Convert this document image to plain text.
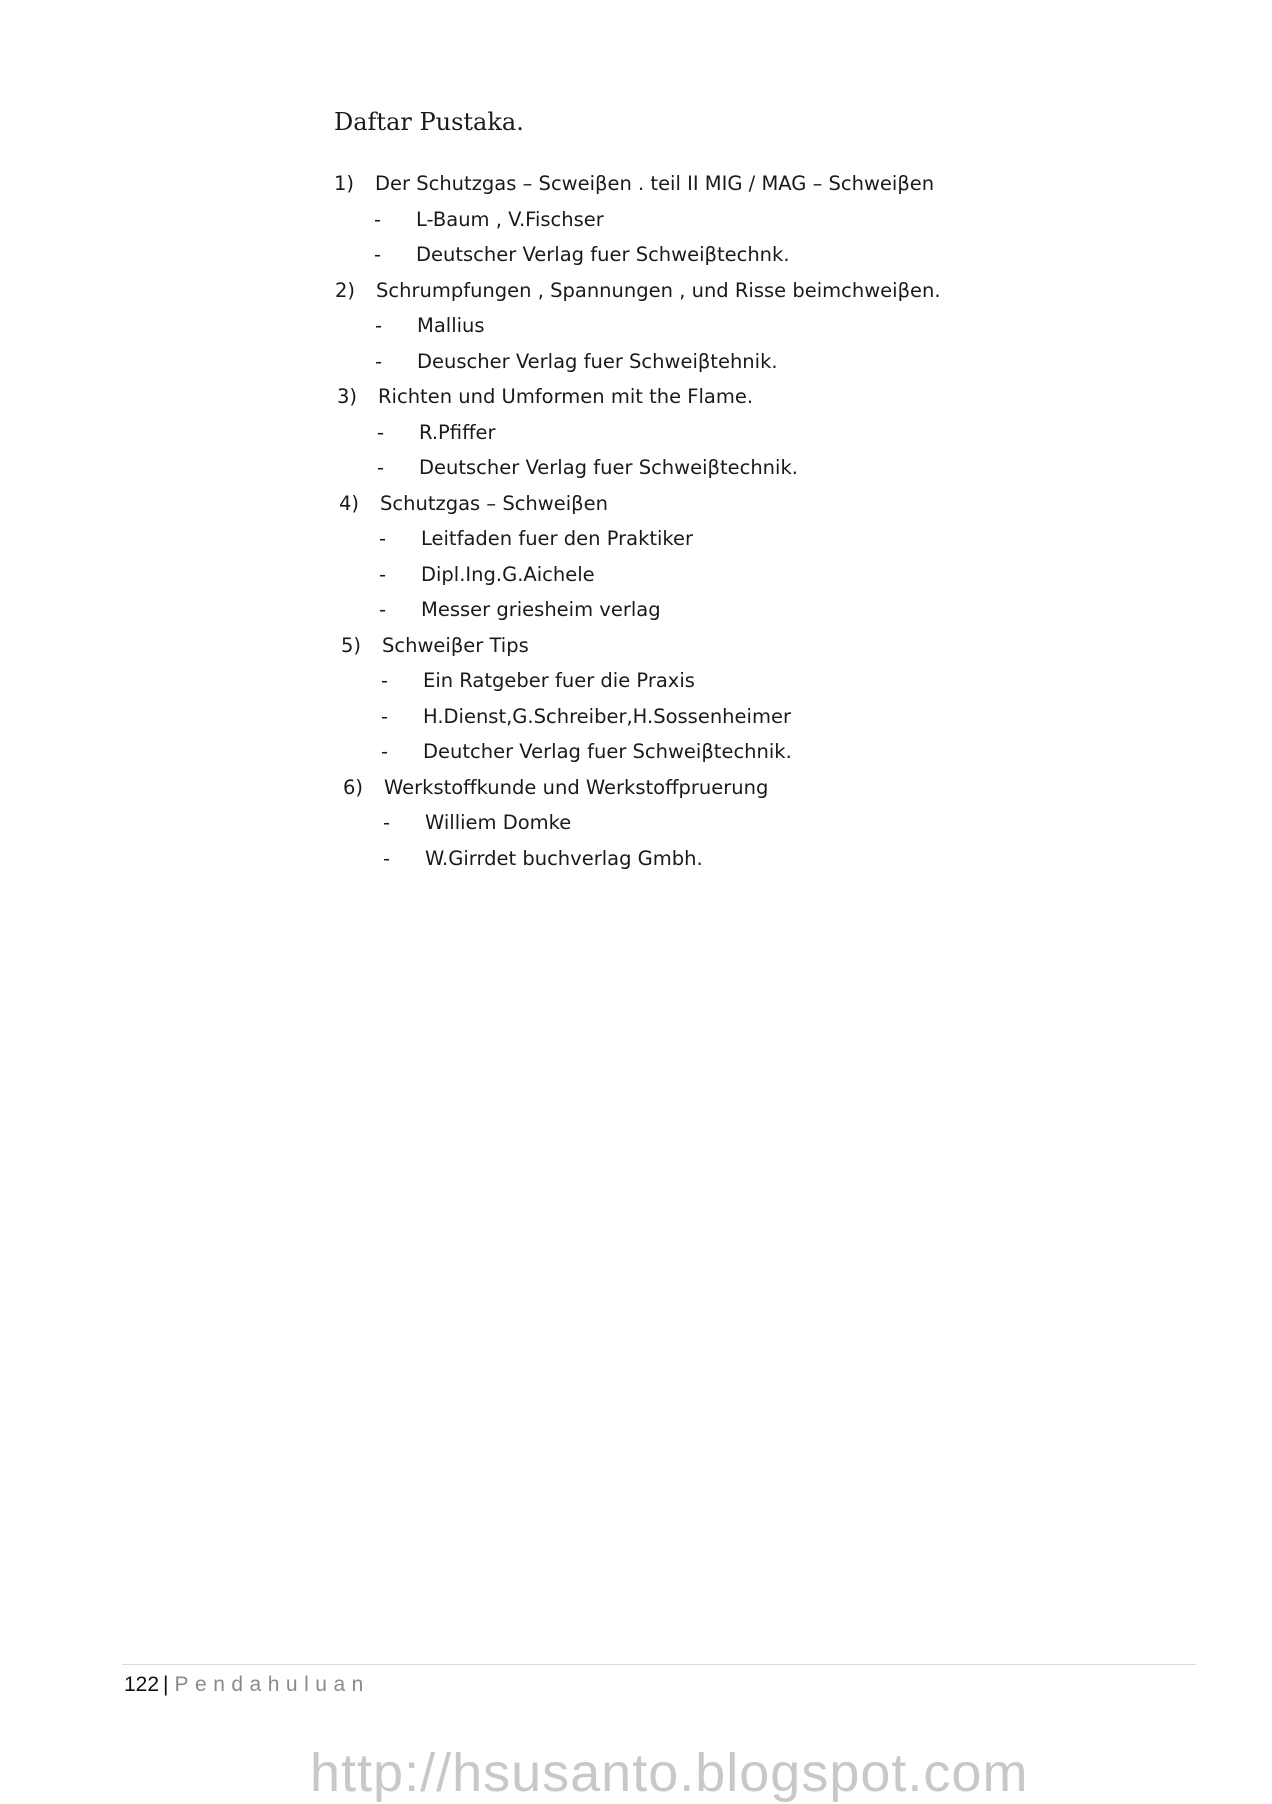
Daftar Pustaka.
1)	Der Schutzgas – Scweiβen . teil II MIG / MAG – Schweiβen
-	L-Baum , V.Fischser
-	Deutscher Verlag fuer Schweiβtechnk.
2)	Schrumpfungen , Spannungen , und Risse beimchweiβen.
-	Mallius
-	Deuscher Verlag fuer Schweiβtehnik.
3)	Richten und Umformen mit the Flame.
-	R.Pfiffer
-	Deutscher Verlag fuer Schweiβtechnik.
4)	Schutzgas – Schweiβen
-	Leitfaden fuer den Praktiker
-	Dipl.Ing.G.Aichele
-	Messer griesheim verlag
5)	Schweiβer Tips
-	Ein Ratgeber fuer die Praxis
-	H.Dienst,G.Schreiber,H.Sossenheimer
-	Deutcher Verlag fuer Schweiβtechnik.
6)	Werkstoffkunde und Werkstoffpruerung
-	Williem Domke
-	W.Girrdet buchverlag Gmbh.
122 | Pendahuluan
http://hsusanto.blogspot.com
